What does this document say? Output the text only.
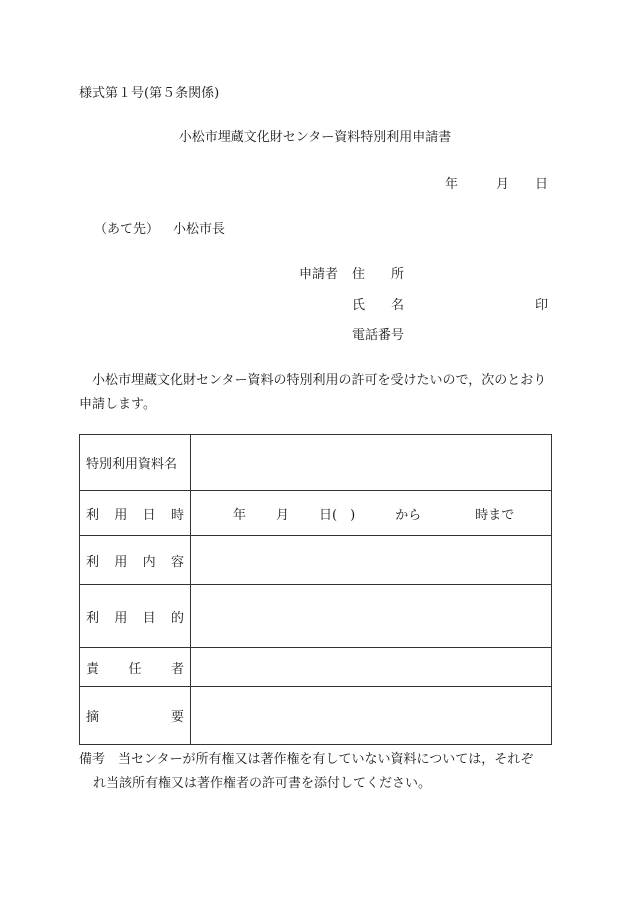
様式第１号(第５条関係)
小松市埋蔵文化財センター資料特別利用申請書
年	月 日
（あて先） 小松市長
申請者 住　　所
氏　　名	印
電話番号
小松市埋蔵文化財センター資料の特別利用の許可を受けたいので，次のとおり申請します。
特別利用資料名	

利 用 日 時	年 月 日(　) から 時まで

利 用 内 容	

利 用 目 的	

責 任 者	

摘 要	

備考　当センターが所有権又は著作権を有していない資料については，それぞ
れ当該所有権又は著作権者の許可書を添付してください。
